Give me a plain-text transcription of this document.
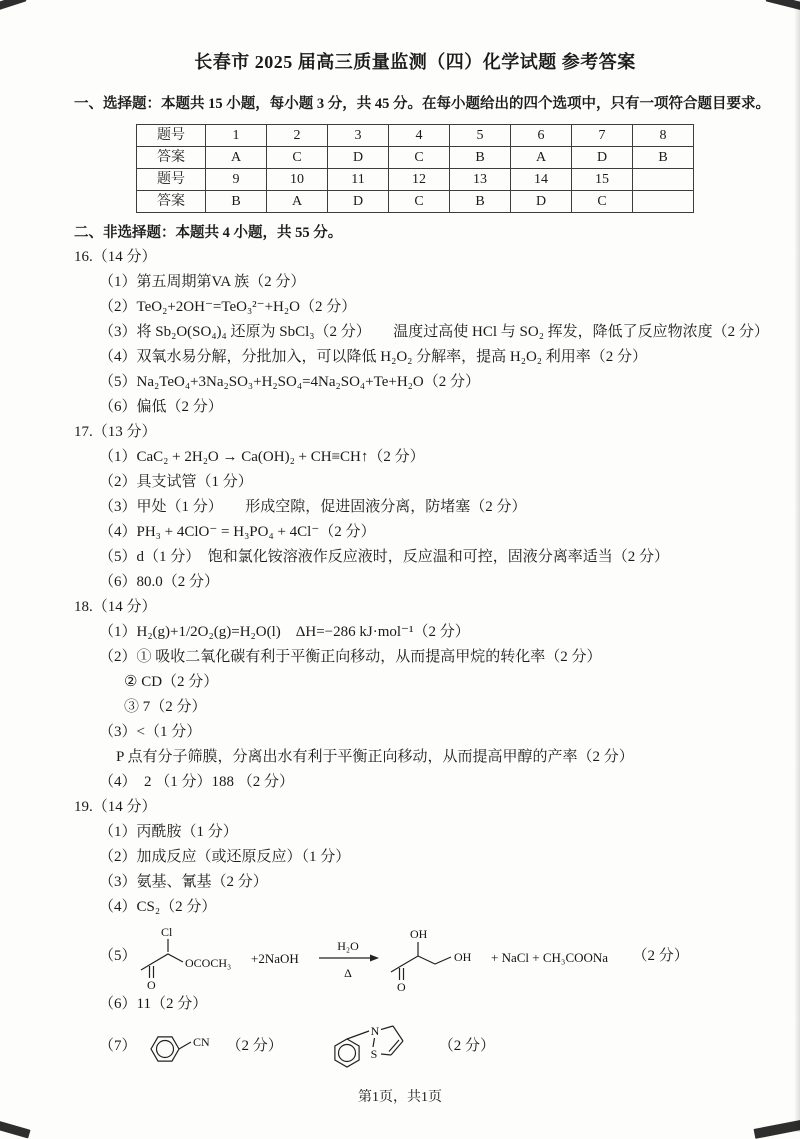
长春市 2025 届高三质量监测（四）化学试题 参考答案
一、选择题：本题共 15 小题，每小题 3 分，共 45 分。在每小题给出的四个选项中，只有一项符合题目要求。
题号	1	2	3	4	5	6	7	8
答案	A	C	D	C	B	A	D	B
题号	9	10	11	12	13	14	15	
答案	B	A	D	C	B	D	C	
二、非选择题：本题共 4 小题，共 55 分。
16.（14 分）
（1）第五周期第VA 族（2 分）
（2）TeO₂+2OH⁻=TeO₃²⁻+H₂O（2 分）
（3）将 Sb₂O(SO₄)₄ 还原为 SbCl₃（2 分）　　温度过高使 HCl 与 SO₂ 挥发，降低了反应物浓度（2 分）
（4）双氧水易分解，分批加入，可以降低 H₂O₂ 分解率，提高 H₂O₂ 利用率（2 分）
（5）Na₂TeO₄+3Na₂SO₃+H₂SO₄=4Na₂SO₄+Te+H₂O（2 分）
（6）偏低（2 分）
17.（13 分）
（1）CaC₂ + 2H₂O → Ca(OH)₂ + CH≡CH↑（2 分）
（2）具支试管（1 分）
（3）甲处（1 分）　　形成空隙，促进固液分离，防堵塞（2 分）
（4）PH₃ + 4ClO⁻ = H₃PO₄ + 4Cl⁻（2 分）
（5）d（1 分）　饱和氯化铵溶液作反应液时，反应温和可控，固液分离率适当（2 分）
（6）80.0（2 分）
18.（14 分）
（1）H₂(g)+1/2O₂(g)=H₂O(l)　ΔH=−286 kJ·mol⁻¹（2 分）
（2）① 吸收二氧化碳有利于平衡正向移动，从而提高甲烷的转化率（2 分）
② CD（2 分）
③ 7（2 分）
（3）<（1 分）
P 点有分子筛膜，分离出水有利于平衡正向移动，从而提高甲醇的产率（2 分）
（4）　2 （1 分）188 （2 分）
19.（14 分）
（1）丙酰胺（1 分）
（2）加成反应（或还原反应）（1 分）
（3）氨基、氰基（2 分）
（4）CS₂（2 分）
（5）
Cl
O
OCOCH₃ +2NaOH
H₂O
Δ
O
OH
OH + NaCl + CH₃COONa （2 分）
（6）11（2 分）
（7）	CN （2 分）
N
S
（2 分）
第1页，共1页
